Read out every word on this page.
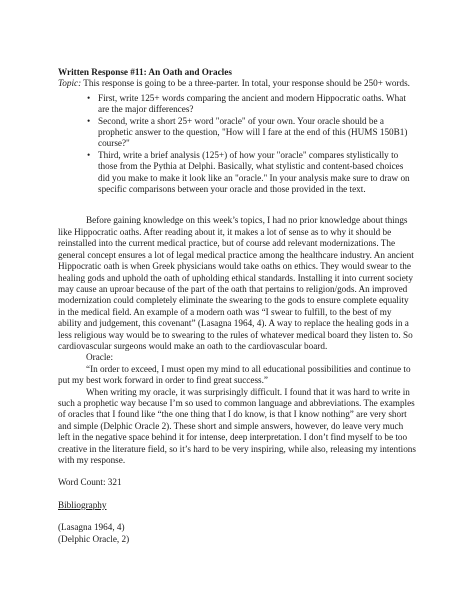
Written Response #11: An Oath and Oracles

Topic: This response is going to be a three-parter. In total, your response should be 250+ words.

• First, write 125+ words comparing the ancient and modern Hippocratic oaths. What are the major differences?
• Second, write a short 25+ word "oracle" of your own. Your oracle should be a prophetic answer to the question, "How will I fare at the end of this (HUMS 150B1) course?"
• Third, write a brief analysis (125+) of how your "oracle" compares stylistically to those from the Pythia at Delphi. Basically, what stylistic and content-based choices did you make to make it look like an "oracle." In your analysis make sure to draw on specific comparisons between your oracle and those provided in the text.

Before gaining knowledge on this week’s topics, I had no prior knowledge about things like Hippocratic oaths. After reading about it, it makes a lot of sense as to why it should be reinstalled into the current medical practice, but of course add relevant modernizations. The general concept ensures a lot of legal medical practice among the healthcare industry. An ancient Hippocratic oath is when Greek physicians would take oaths on ethics. They would swear to the healing gods and uphold the oath of upholding ethical standards. Installing it into current society may cause an uproar because of the part of the oath that pertains to religion/gods. An improved modernization could completely eliminate the swearing to the gods to ensure complete equality in the medical field. An example of a modern oath was “I swear to fulfill, to the best of my ability and judgement, this covenant” (Lasagna 1964, 4). A way to replace the healing gods in a less religious way would be to swearing to the rules of whatever medical board they listen to. So cardiovascular surgeons would make an oath to the cardiovascular board.

Oracle:

“In order to exceed, I must open my mind to all educational possibilities and continue to put my best work forward in order to find great success.”

When writing my oracle, it was surprisingly difficult. I found that it was hard to write in such a prophetic way because I’m so used to common language and abbreviations. The examples of oracles that I found like “the one thing that I do know, is that I know nothing” are very short and simple (Delphic Oracle 2). These short and simple answers, however, do leave very much left in the negative space behind it for intense, deep interpretation. I don’t find myself to be too creative in the literature field, so it’s hard to be very inspiring, while also, releasing my intentions with my response.

Word Count: 321

Bibliography

(Lasagna 1964, 4)

(Delphic Oracle, 2)
